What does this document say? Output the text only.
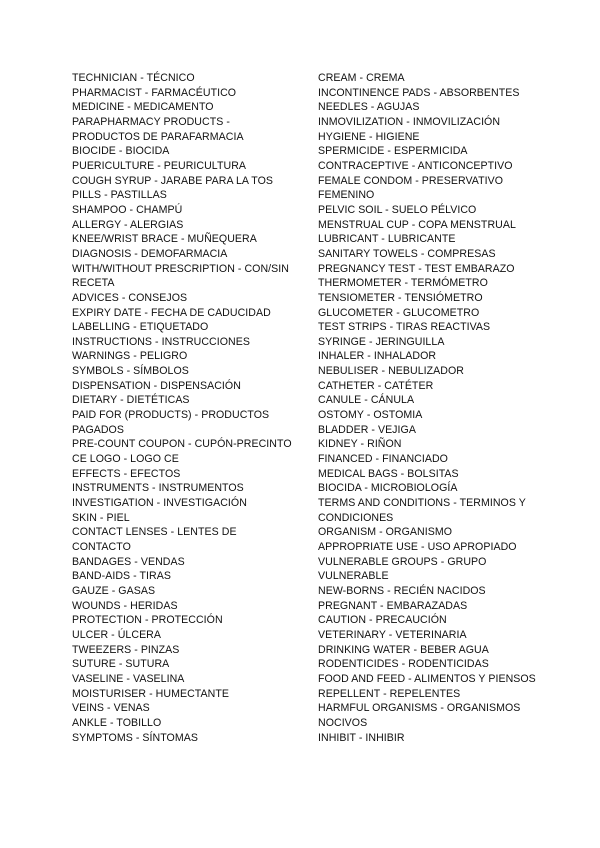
TECHNICIAN - TÉCNICO
PHARMACIST - FARMACÉUTICO
MEDICINE - MEDICAMENTO
PARAPHARMACY PRODUCTS - PRODUCTOS DE PARAFARMACIA
BIOCIDE - BIOCIDA
PUERICULTURE - PEURICULTURA
COUGH SYRUP - JARABE PARA LA TOS
PILLS - PASTILLAS
SHAMPOO - CHAMPÚ
ALLERGY - ALERGIAS
KNEE/WRIST BRACE - MUÑEQUERA
DIAGNOSIS - DEMOFARMACIA
WITH/WITHOUT PRESCRIPTION - CON/SIN RECETA
ADVICES - CONSEJOS
EXPIRY DATE - FECHA DE CADUCIDAD
LABELLING - ETIQUETADO
INSTRUCTIONS - INSTRUCCIONES
WARNINGS - PELIGRO
SYMBOLS - SÍMBOLOS
DISPENSATION - DISPENSACIÓN
DIETARY - DIETÉTICAS
PAID FOR (PRODUCTS) - PRODUCTOS PAGADOS
PRE-COUNT COUPON - CUPÓN-PRECINTO
CE LOGO - LOGO CE
EFFECTS - EFECTOS
INSTRUMENTS - INSTRUMENTOS
INVESTIGATION - INVESTIGACIÓN
SKIN - PIEL
CONTACT LENSES - LENTES DE CONTACTO
BANDAGES - VENDAS
BAND-AIDS - TIRAS
GAUZE - GASAS
WOUNDS - HERIDAS
PROTECTION - PROTECCIÓN
ULCER - ÚLCERA
TWEEZERS - PINZAS
SUTURE - SUTURA
VASELINE - VASELINA
MOISTURISER - HUMECTANTE
VEINS - VENAS
ANKLE - TOBILLO
SYMPTOMS - SÍNTOMAS
CREAM - CREMA
INCONTINENCE PADS - ABSORBENTES
NEEDLES - AGUJAS
INMOVILIZATION - INMOVILIZACIÓN
HYGIENE - HIGIENE
SPERMICIDE - ESPERMICIDA
CONTRACEPTIVE - ANTICONCEPTIVO
FEMALE CONDOM - PRESERVATIVO FEMENINO
PELVIC SOIL - SUELO PÉLVICO
MENSTRUAL CUP - COPA MENSTRUAL
LUBRICANT - LUBRICANTE
SANITARY TOWELS - COMPRESAS
PREGNANCY TEST - TEST EMBARAZO
THERMOMETER - TERMÓMETRO
TENSIOMETER - TENSIÓMETRO
GLUCOMETER - GLUCOMETRO
TEST STRIPS - TIRAS REACTIVAS
SYRINGE - JERINGUILLA
INHALER - INHALADOR
NEBULISER - NEBULIZADOR
CATHETER - CATÉTER
CANULE - CÁNULA
OSTOMY - OSTOMIA
BLADDER - VEJIGA
KIDNEY - RIÑON
FINANCED - FINANCIADO
MEDICAL BAGS - BOLSITAS
BIOCIDA - MICROBIOLOGÍA
TERMS AND CONDITIONS - TERMINOS Y CONDICIONES
ORGANISM - ORGANISMO
APPROPRIATE USE - USO APROPIADO
VULNERABLE GROUPS - GRUPO VULNERABLE
NEW-BORNS - RECIÉN NACIDOS
PREGNANT - EMBARAZADAS
CAUTION - PRECAUCIÓN
VETERINARY - VETERINARIA
DRINKING WATER - BEBER AGUA
RODENTICIDES - RODENTICIDAS
FOOD AND FEED - ALIMENTOS Y PIENSOS
REPELLENT - REPELENTES
HARMFUL ORGANISMS - ORGANISMOS NOCIVOS
INHIBIT - INHIBIR
